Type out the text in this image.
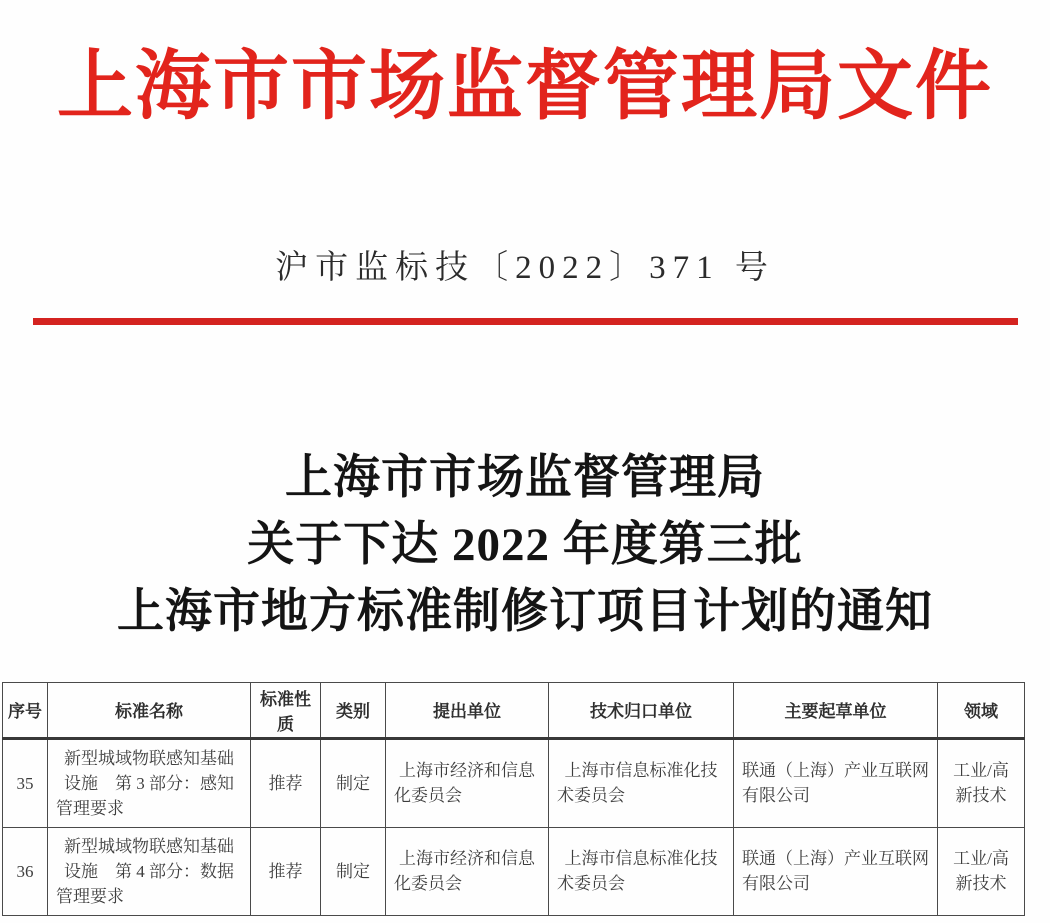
上海市市场监督管理局文件
沪市监标技〔2022〕371 号
上海市市场监督管理局
关于下达 2022 年度第三批
上海市地方标准制修订项目计划的通知
序号	标准名称	标准性质	类别	提出单位	技术归口单位	主要起草单位	领域
35	新型城域物联感知基础设施　第 3 部分：感知管理要求	推荐	制定	上海市经济和信息化委员会	上海市信息标准化技术委员会	联通（上海）产业互联网有限公司	工业/高新技术
36	新型城域物联感知基础设施　第 4 部分：数据管理要求	推荐	制定	上海市经济和信息化委员会	上海市信息标准化技术委员会	联通（上海）产业互联网有限公司	工业/高新技术
